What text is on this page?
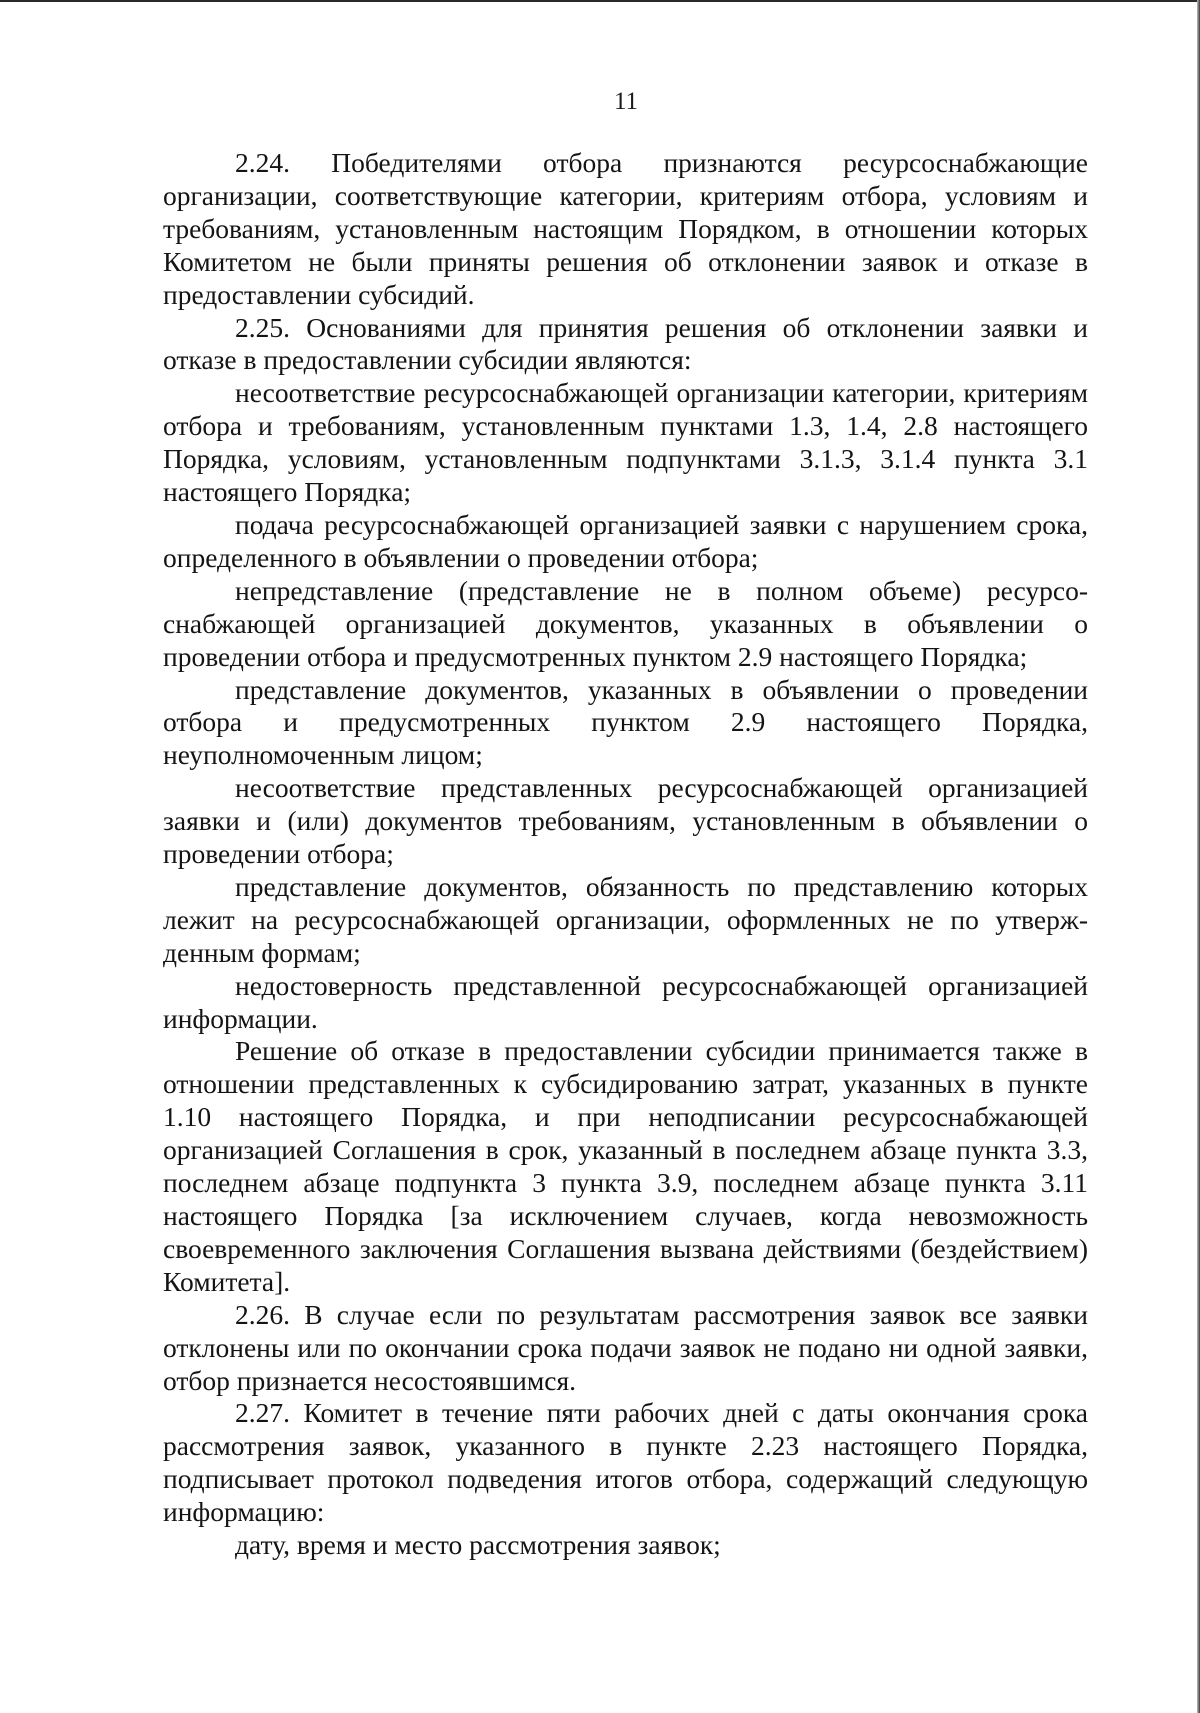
11

2.24. Победителями отбора признаются ресурсоснабжающие организации, соответствующие категории, критериям отбора, условиям и требованиям, установленным настоящим Порядком, в отношении которых Комитетом не были приняты решения об отклонении заявок и отказе в предоставлении субсидий.

2.25. Основаниями для принятия решения об отклонении заявки и отказе в предоставлении субсидии являются:

несоответствие ресурсоснабжающей организации категории, критериям отбора и требованиям, установленным пунктами 1.3, 1.4, 2.8 настоящего Порядка, условиям, установленным подпунктами 3.1.3, 3.1.4 пункта 3.1 настоящего Порядка;

подача ресурсоснабжающей организацией заявки с нарушением срока, определенного в объявлении о проведении отбора;

непредставление (представление не в полном объеме) ресурсоснабжающей организацией документов, указанных в объявлении о проведении отбора и предусмотренных пунктом 2.9 настоящего Порядка;

представление документов, указанных в объявлении о проведении отбора и предусмотренных пунктом 2.9 настоящего Порядка, неуполномоченным лицом;

несоответствие представленных ресурсоснабжающей организацией заявки и (или) документов требованиям, установленным в объявлении о проведении отбора;

представление документов, обязанность по представлению которых лежит на ресурсоснабжающей организации, оформленных не по утвержденным формам;

недостоверность представленной ресурсоснабжающей организацией информации.

Решение об отказе в предоставлении субсидии принимается также в отношении представленных к субсидированию затрат, указанных в пункте 1.10 настоящего Порядка, и при неподписании ресурсоснабжающей организацией Соглашения в срок, указанный в последнем абзаце пункта 3.3, последнем абзаце подпункта 3 пункта 3.9, последнем абзаце пункта 3.11 настоящего Порядка [за исключением случаев, когда невозможность своевременного заключения Соглашения вызвана действиями (бездействием) Комитета].

2.26. В случае если по результатам рассмотрения заявок все заявки отклонены или по окончании срока подачи заявок не подано ни одной заявки, отбор признается несостоявшимся.

2.27. Комитет в течение пяти рабочих дней с даты окончания срока рассмотрения заявок, указанного в пункте 2.23 настоящего Порядка, подписывает протокол подведения итогов отбора, содержащий следующую информацию:

дату, время и место рассмотрения заявок;
